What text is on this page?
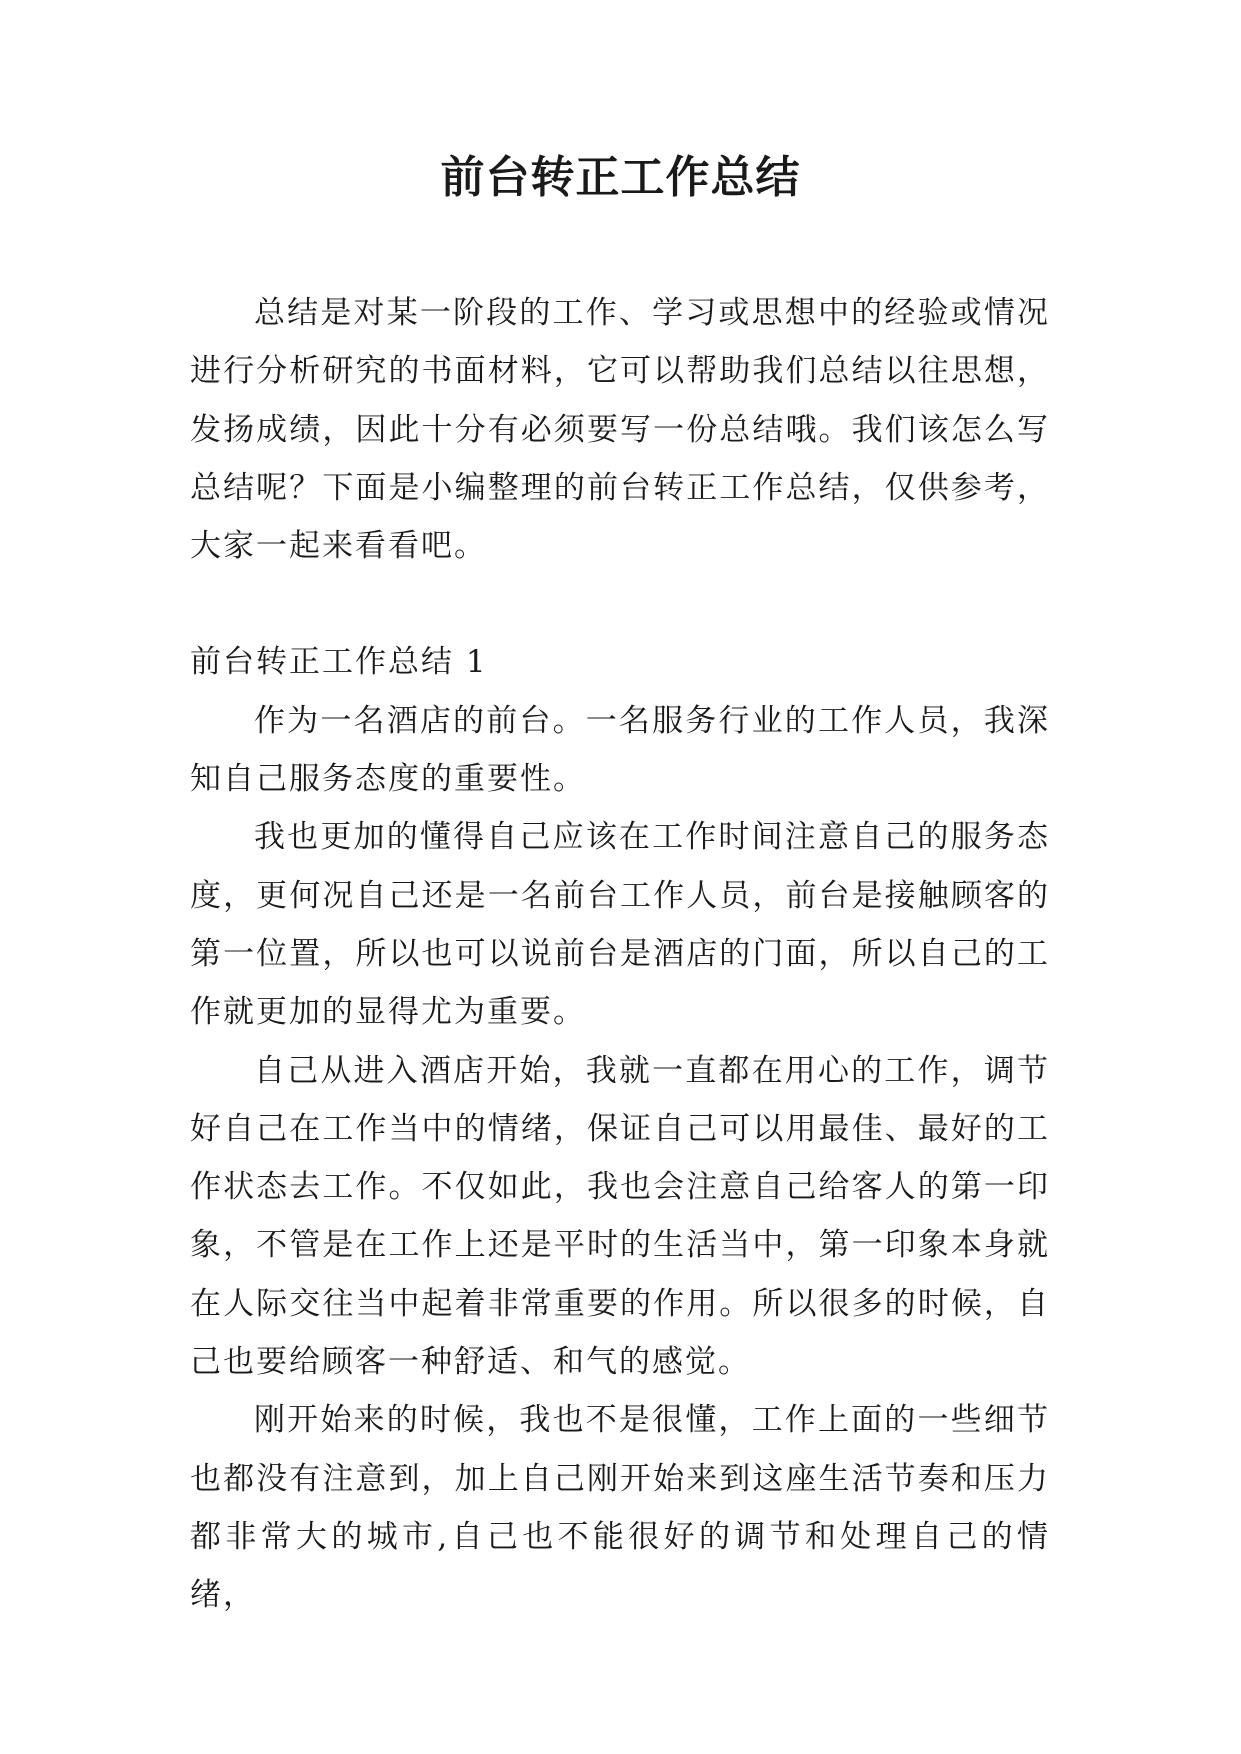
前台转正工作总结

总结是对某一阶段的工作、学习或思想中的经验或情况进行分析研究的书面材料，它可以帮助我们总结以往思想，发扬成绩，因此十分有必须要写一份总结哦。我们该怎么写总结呢？下面是小编整理的前台转正工作总结，仅供参考，大家一起来看看吧。

前台转正工作总结 1

作为一名酒店的前台。一名服务行业的工作人员，我深知自己服务态度的重要性。

我也更加的懂得自己应该在工作时间注意自己的服务态度，更何况自己还是一名前台工作人员，前台是接触顾客的第一位置，所以也可以说前台是酒店的门面，所以自己的工作就更加的显得尤为重要。

自己从进入酒店开始，我就一直都在用心的工作，调节好自己在工作当中的情绪，保证自己可以用最佳、最好的工作状态去工作。不仅如此，我也会注意自己给客人的第一印象，不管是在工作上还是平时的生活当中，第一印象本身就在人际交往当中起着非常重要的作用。所以很多的时候，自己也要给顾客一种舒适、和气的感觉。

刚开始来的时候，我也不是很懂，工作上面的一些细节也都没有注意到，加上自己刚开始来到这座生活节奏和压力都非常大的城市,自己也不能很好的调节和处理自己的情绪，
